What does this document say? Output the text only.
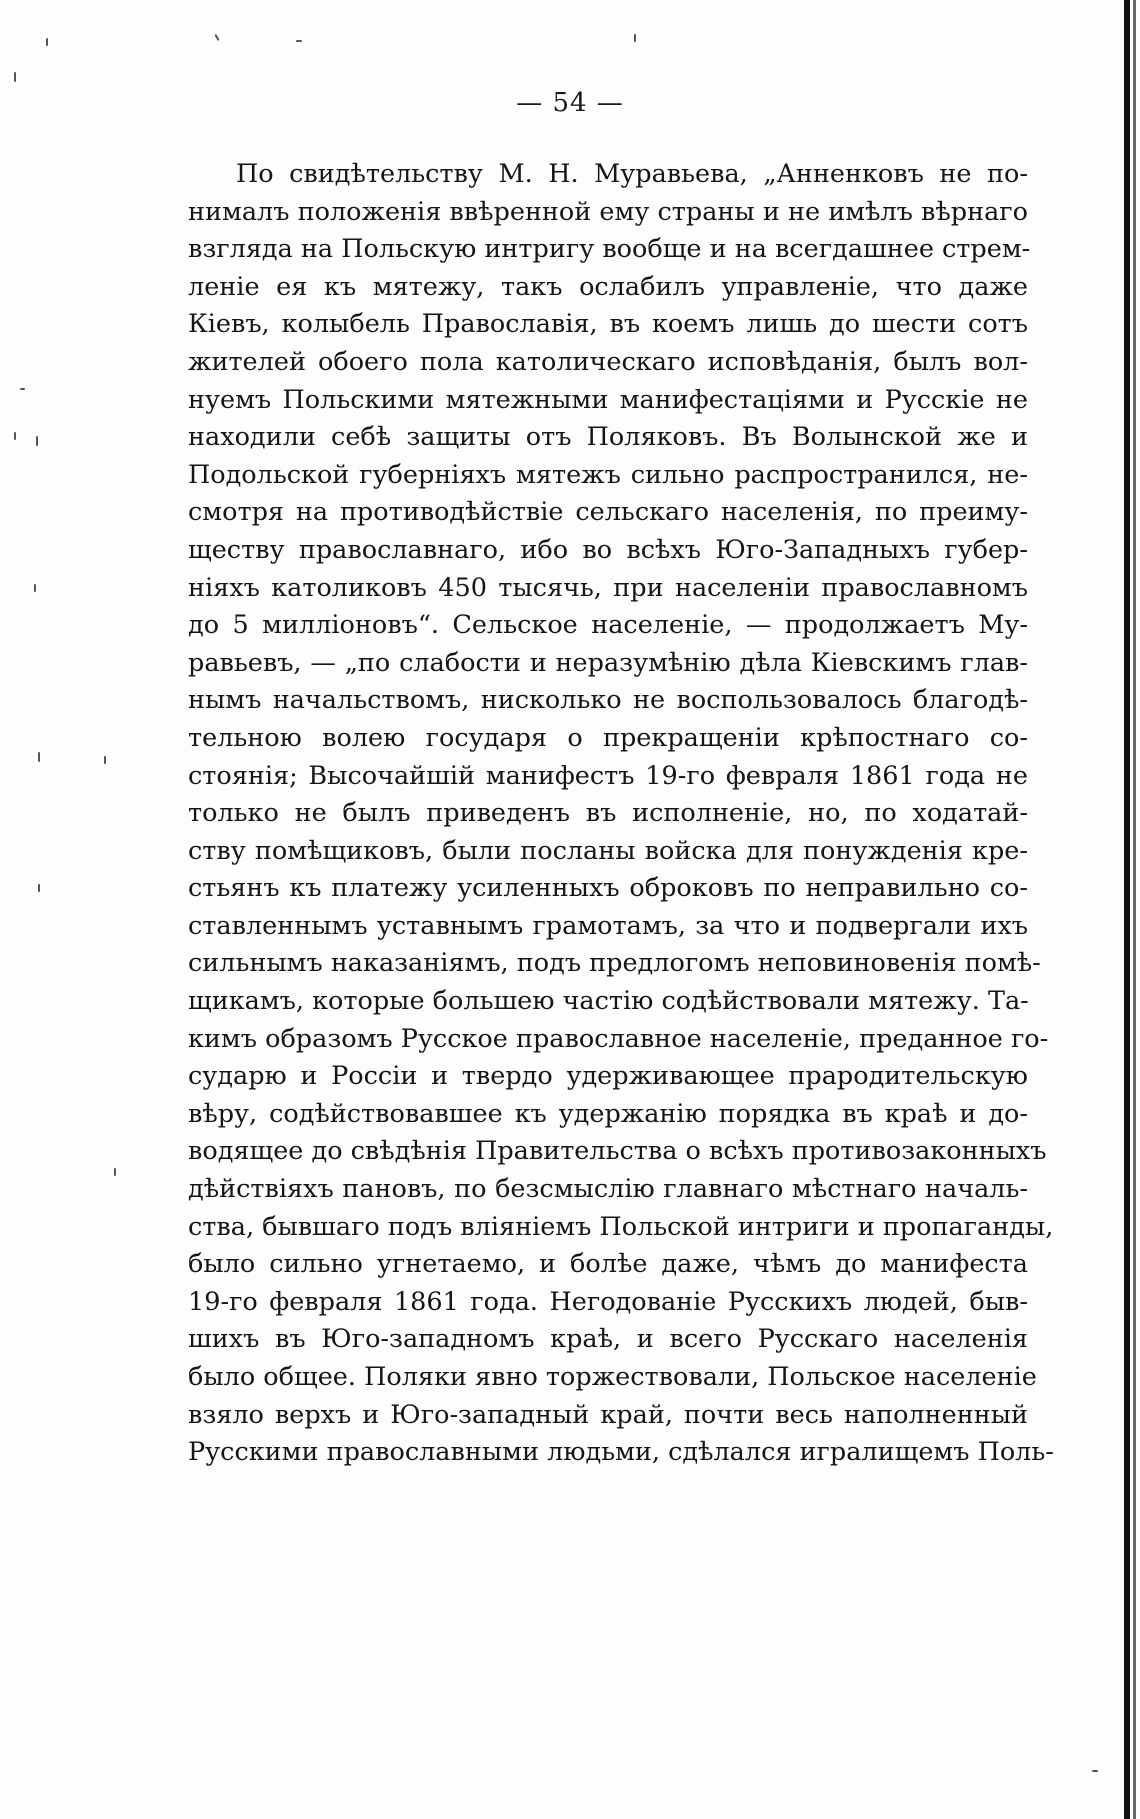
— 54 —
По свидѣтельству М. Н. Муравьева, „Анненковъ не по-
нималъ положенія ввѣренной ему страны и не имѣлъ вѣрнаго
взгляда на Польскую интригу вообще и на всегдашнее стрем-
леніе ея къ мятежу, такъ ослабилъ управленіе, что даже
Кіевъ, колыбель Православія, въ коемъ лишь до шести сотъ
жителей обоего пола католическаго исповѣданія, былъ вол-
нуемъ Польскими мятежными манифестаціями и Русскіе не
находили себѣ защиты отъ Поляковъ. Въ Волынской же и
Подольской губерніяхъ мятежъ сильно распространился, не-
смотря на противодѣйствіе сельскаго населенія, по преиму-
ществу православнаго, ибо во всѣхъ Юго-Западныхъ губер-
ніяхъ католиковъ 450 тысячь, при населеніи православномъ
до 5 милліоновъ“. Сельское населеніе, — продолжаетъ Му-
равьевъ, — „по слабости и неразумѣнію дѣла Кіевскимъ глав-
нымъ начальствомъ, нисколько не воспользовалось благодѣ-
тельною волею государя о прекращеніи крѣпостнаго со-
стоянія; Высочайшій манифестъ 19-го февраля 1861 года не
только не былъ приведенъ въ исполненіе, но, по ходатай-
ству помѣщиковъ, были посланы войска для понужденія кре-
стьянъ къ платежу усиленныхъ оброковъ по неправильно со-
ставленнымъ уставнымъ грамотамъ, за что и подвергали ихъ
сильнымъ наказаніямъ, подъ предлогомъ неповиновенія помѣ-
щикамъ, которые большею частію содѣйствовали мятежу. Та-
кимъ образомъ Русское православное населеніе, преданное го-
сударю и Россіи и твердо удерживающее прародительскую
вѣру, содѣйствовавшее къ удержанію порядка въ краѣ и до-
водящее до свѣдѣнія Правительства о всѣхъ противозаконныхъ
дѣйствіяхъ пановъ, по безсмыслію главнаго мѣстнаго началь-
ства, бывшаго подъ вліяніемъ Польской интриги и пропаганды,
было сильно угнетаемо, и болѣе даже, чѣмъ до манифеста
19-го февраля 1861 года. Негодованіе Русскихъ людей, быв-
шихъ въ Юго-западномъ краѣ, и всего Русскаго населенія
было общее. Поляки явно торжествовали, Польское населеніе
взяло верхъ и Юго-западный край, почти весь наполненный
Русскими православными людьми, сдѣлался игралищемъ Поль-
